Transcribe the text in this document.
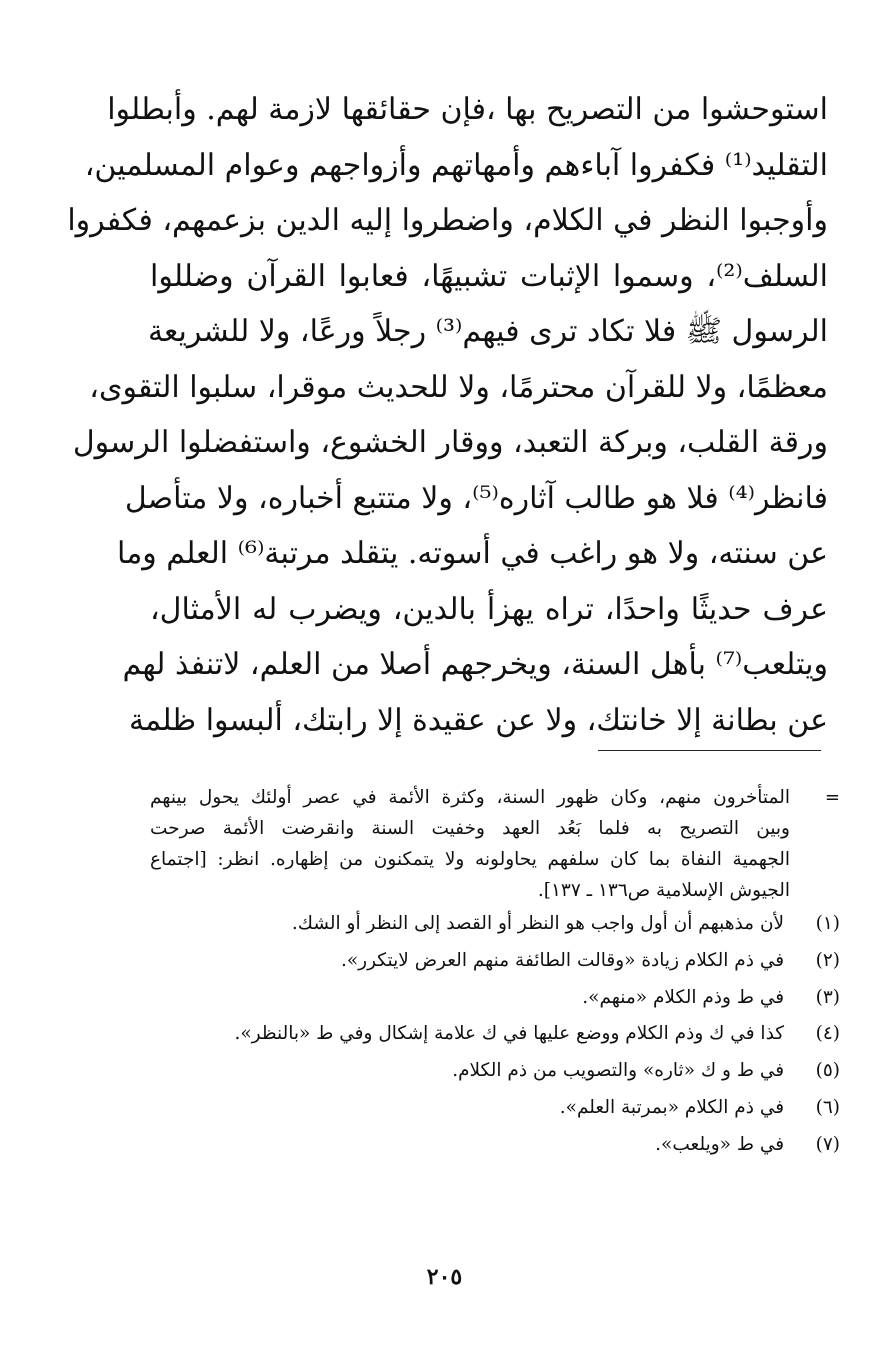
استوحشوا من التصريح بها ،فإن حقائقها لازمة لهم. وأبطلوا
التقليد⁽¹⁾ فكفروا آباءهم وأمهاتهم وأزواجهم وعوام المسلمين،
وأوجبوا النظر في الكلام، واضطروا إليه الدين بزعمهم، فكفروا
السلف⁽²⁾، وسموا الإثبات تشبيهًا، فعابوا القرآن وضللوا
الرسول ﷺ فلا تكاد ترى فيهم⁽³⁾ رجلاً ورعًا، ولا للشريعة
معظمًا، ولا للقرآن محترمًا، ولا للحديث موقرا، سلبوا التقوى،
ورقة القلب، وبركة التعبد، ووقار الخشوع، واستفضلوا الرسول
فانظر⁽⁴⁾ فلا هو طالب آثاره⁽⁵⁾، ولا متتبع أخباره، ولا متأصل
عن سنته، ولا هو راغب في أسوته. يتقلد مرتبة⁽⁶⁾ العلم وما
عرف حديثًا واحدًا، تراه يهزأ بالدين، ويضرب له الأمثال،
ويتلعب⁽⁷⁾ بأهل السنة، ويخرجهم أصلا من العلم، لاتنفذ لهم
عن بطانة إلا خانتك، ولا عن عقيدة إلا رابتك، ألبسوا ظلمة
=
المتأخرون منهم، وكان ظهور السنة، وكثرة الأئمة في عصر أولئك يحول بينهم
وبين التصريح به فلما بَعُد العهد وخفيت السنة وانقرضت الأئمة صرحت
الجهمية النفاة بما كان سلفهم يحاولونه ولا يتمكنون من إظهاره. انظر: [اجتماع
الجيوش الإسلامية ص١٣٦ ـ ١٣٧].
(١) لأن مذهبهم أن أول واجب هو النظر أو القصد إلى النظر أو الشك.
(٢) في ذم الكلام زيادة «وقالت الطائفة منهم العرض لايتكرر».
(٣) في ط وذم الكلام «منهم».
(٤) كذا في ك وذم الكلام ووضع عليها في ك علامة إشكال وفي ط «بالنظر».
(٥) في ط و ك «ثاره» والتصويب من ذم الكلام.
(٦) في ذم الكلام «بمرتبة العلم».
(٧) في ط «ويلعب».
٢٠٥
